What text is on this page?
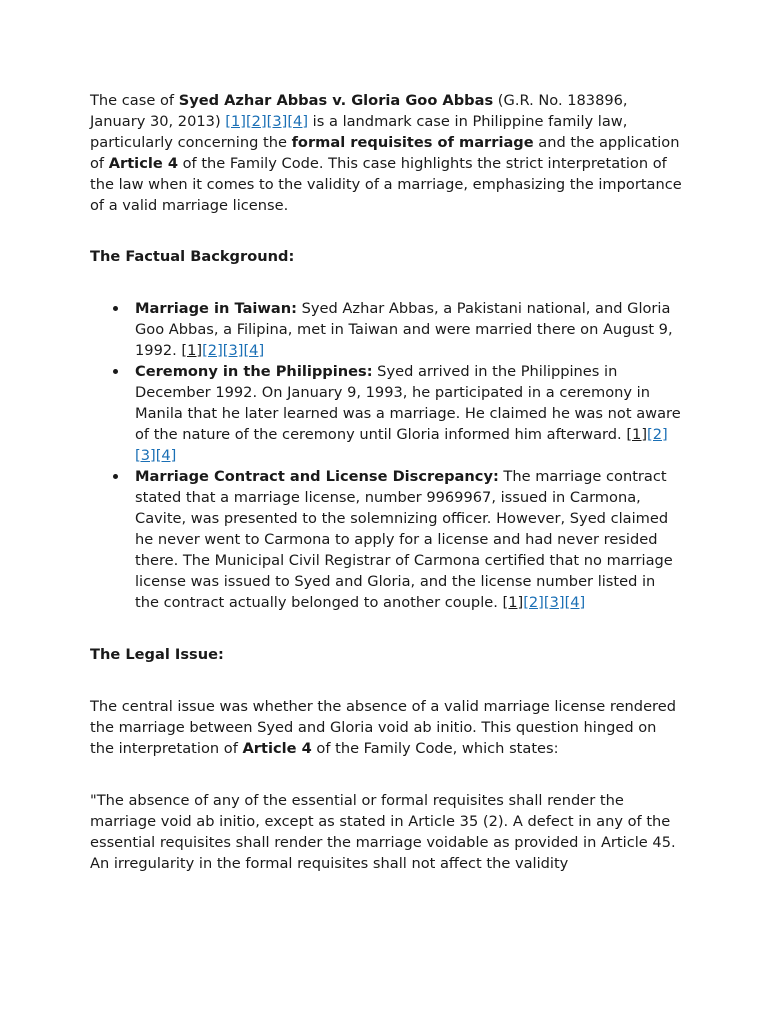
The case of Syed Azhar Abbas v. Gloria Goo Abbas (G.R. No. 183896, January 30, 2013) [1][2][3][4] is a landmark case in Philippine family law, particularly concerning the formal requisites of marriage and the application of Article 4 of the Family Code. This case highlights the strict interpretation of the law when it comes to the validity of a marriage, emphasizing the importance of a valid marriage license.

The Factual Background:

Marriage in Taiwan: Syed Azhar Abbas, a Pakistani national, and Gloria Goo Abbas, a Filipina, met in Taiwan and were married there on August 9, 1992. [1][2][3][4]
Ceremony in the Philippines: Syed arrived in the Philippines in December 1992. On January 9, 1993, he participated in a ceremony in Manila that he later learned was a marriage. He claimed he was not aware of the nature of the ceremony until Gloria informed him afterward. [1][2][3][4]
Marriage Contract and License Discrepancy: The marriage contract stated that a marriage license, number 9969967, issued in Carmona, Cavite, was presented to the solemnizing officer. However, Syed claimed he never went to Carmona to apply for a license and had never resided there. The Municipal Civil Registrar of Carmona certified that no marriage license was issued to Syed and Gloria, and the license number listed in the contract actually belonged to another couple. [1][2][3][4]

The Legal Issue:

The central issue was whether the absence of a valid marriage license rendered the marriage between Syed and Gloria void ab initio. This question hinged on the interpretation of Article 4 of the Family Code, which states:

"The absence of any of the essential or formal requisites shall render the marriage void ab initio, except as stated in Article 35 (2). A defect in any of the essential requisites shall render the marriage voidable as provided in Article 45. An irregularity in the formal requisites shall not affect the validity
